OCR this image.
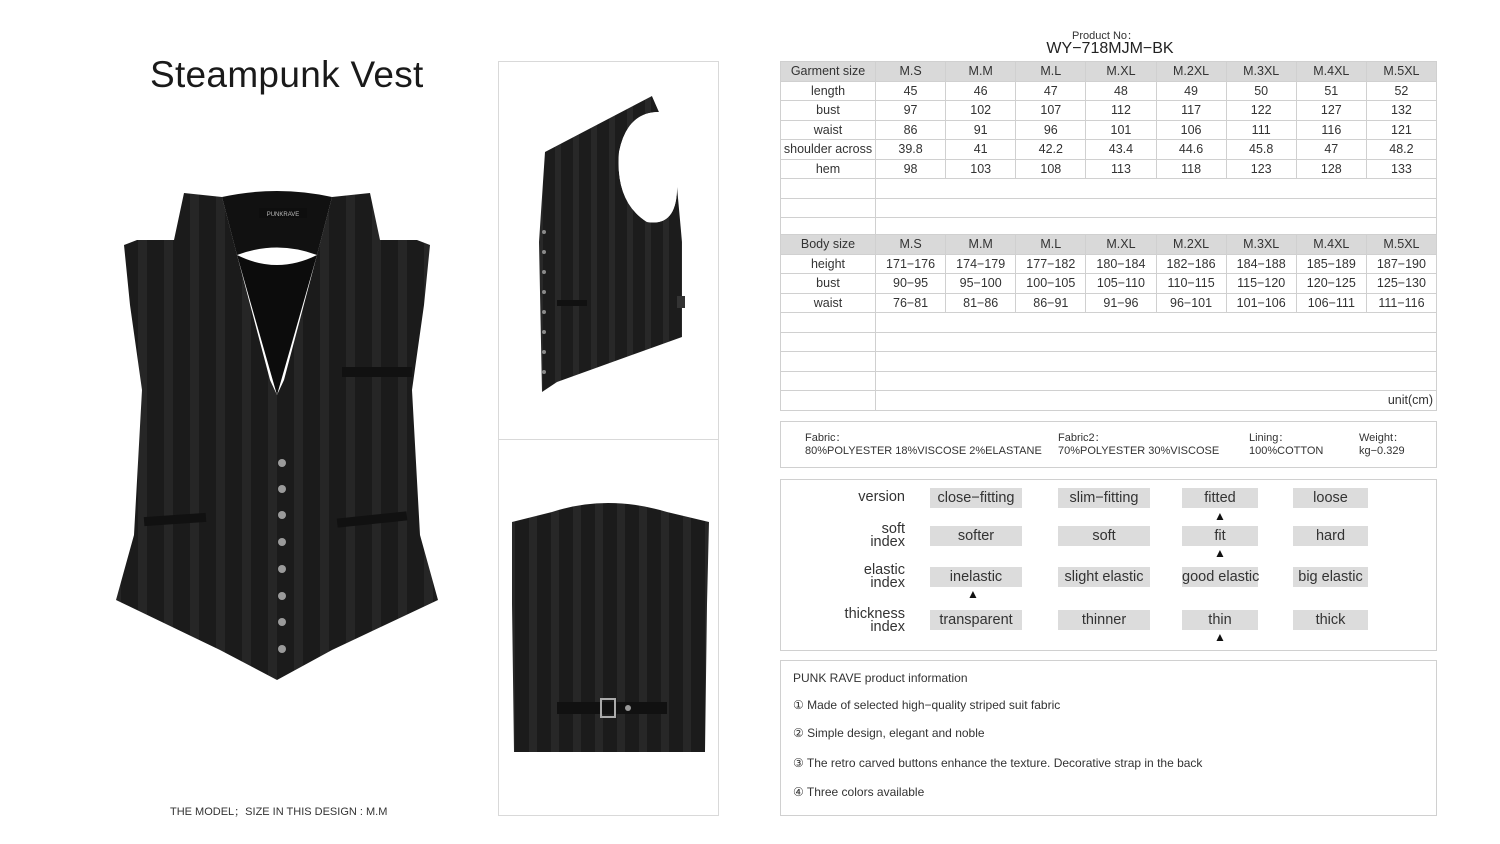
Steampunk Vest
PUNKRAVE
THE MODEL；SIZE IN THIS DESIGN : M.M
Product No：
WY−718MJM−BK
Garment size	M.S	M.M	M.L	M.XL	M.2XL	M.3XL	M.4XL	M.5XL
length	45	46	47	48	49	50	51	52
bust	97	102	107	112	117	122	127	132
waist	86	91	96	101	106	111	116	121
shoulder across	39.8	41	42.2	43.4	44.6	45.8	47	48.2
hem	98	103	108	113	118	123	128	133

Body size	M.S	M.M	M.L	M.XL	M.2XL	M.3XL	M.4XL	M.5XL
height	171−176	174−179	177−182	180−184	182−186	184−188	185−189	187−190
bust	90−95	95−100	100−105	105−110	110−115	115−120	120−125	125−130
waist	76−81	81−86	86−91	91−96	96−101	101−106	106−111	111−116

	unit(cm)							
Fabric：
80%POLYESTER 18%VISCOSE 2%ELASTANE
Fabric2：
70%POLYESTER 30%VISCOSE
Lining：
100%COTTON
Weight：
kg−0.329
version	close−fitting	slim−fitting	fitted	loose
▲
soft
index	softer	soft	fit	hard
▲
elastic
index	inelastic	slight elastic	good elastic	big elastic
▲
thickness
index	transparent	thinner	thin	thick
▲
PUNK RAVE product information
① Made of selected high−quality striped suit fabric
② Simple design, elegant and noble
③ The retro carved buttons enhance the texture. Decorative strap in the back
④ Three colors available
